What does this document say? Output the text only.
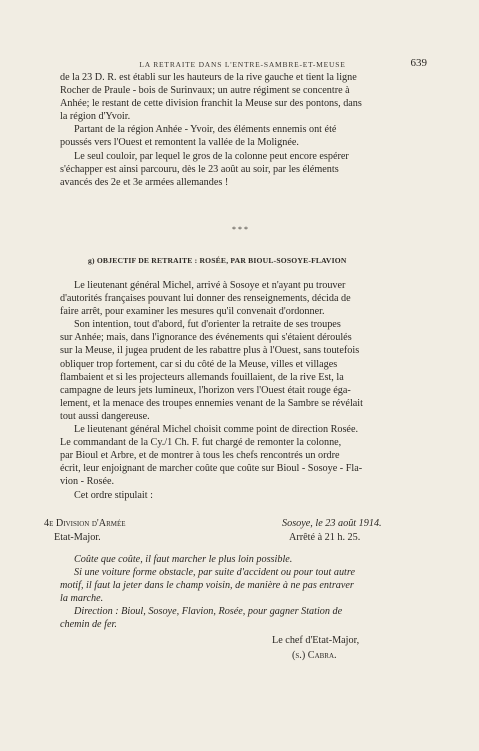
LA RETRAITE DANS L'ENTRE-SAMBRE-ET-MEUSE	639

de la 23 D. R. est établi sur les hauteurs de la rive gauche et tient la ligne

Rocher de Praule - bois de Surinvaux; un autre régiment se concentre à

Anhée; le restant de cette division franchit la Meuse sur des pontons, dans

la région d'Yvoir.

Partant de la région Anhée - Yvoir, des éléments ennemis ont été

poussés vers l'Ouest et remontent la vallée de la Molignée.

Le seul couloir, par lequel le gros de la colonne peut encore espérer

s'échapper est ainsi parcouru, dès le 23 août au soir, par les éléments

avancés des 2e et 3e armées allemandes !

* * *
g) OBJECTIF DE RETRAITE : ROSÉE, PAR BIOUL-SOSOYE-FLAVION

Le lieutenant général Michel, arrivé à Sosoye et n'ayant pu trouver

d'autorités françaises pouvant lui donner des renseignements, décida de

faire arrêt, pour examiner les mesures qu'il convenait d'ordonner.

Son intention, tout d'abord, fut d'orienter la retraite de ses troupes

sur Anhée; mais, dans l'ignorance des événements qui s'étaient déroulés

sur la Meuse, il jugea prudent de les rabattre plus à l'Ouest, sans toutefois

obliquer trop fortement, car si du côté de la Meuse, villes et villages

flambaient et si les projecteurs allemands fouillaient, de la rive Est, la

campagne de leurs jets lumineux, l'horizon vers l'Ouest était rouge éga-

lement, et la menace des troupes ennemies venant de la Sambre se révélait

tout aussi dangereuse.

Le lieutenant général Michel choisit comme point de direction Rosée.

Le commandant de la Cy./1 Ch. F. fut chargé de remonter la colonne,

par Bioul et Arbre, et de montrer à tous les chefs rencontrés un ordre

écrit, leur enjoignant de marcher coûte que coûte sur Bioul - Sosoye - Fla-

vion - Rosée.

Cet ordre stipulait :

4e Division d'Armée	Sosoye, le 23 août 1914.
Etat-Major.	Arrêté à 21 h. 25.

Coûte que coûte, il faut marcher le plus loin possible.

Si une voiture forme obstacle, par suite d'accident ou pour tout autre

motif, il faut la jeter dans le champ voisin, de manière à ne pas entraver

la marche.

Direction : Bioul, Sosoye, Flavion, Rosée, pour gagner Station de

chemin de fer.

Le chef d'Etat-Major,
(s.) Cabra.
